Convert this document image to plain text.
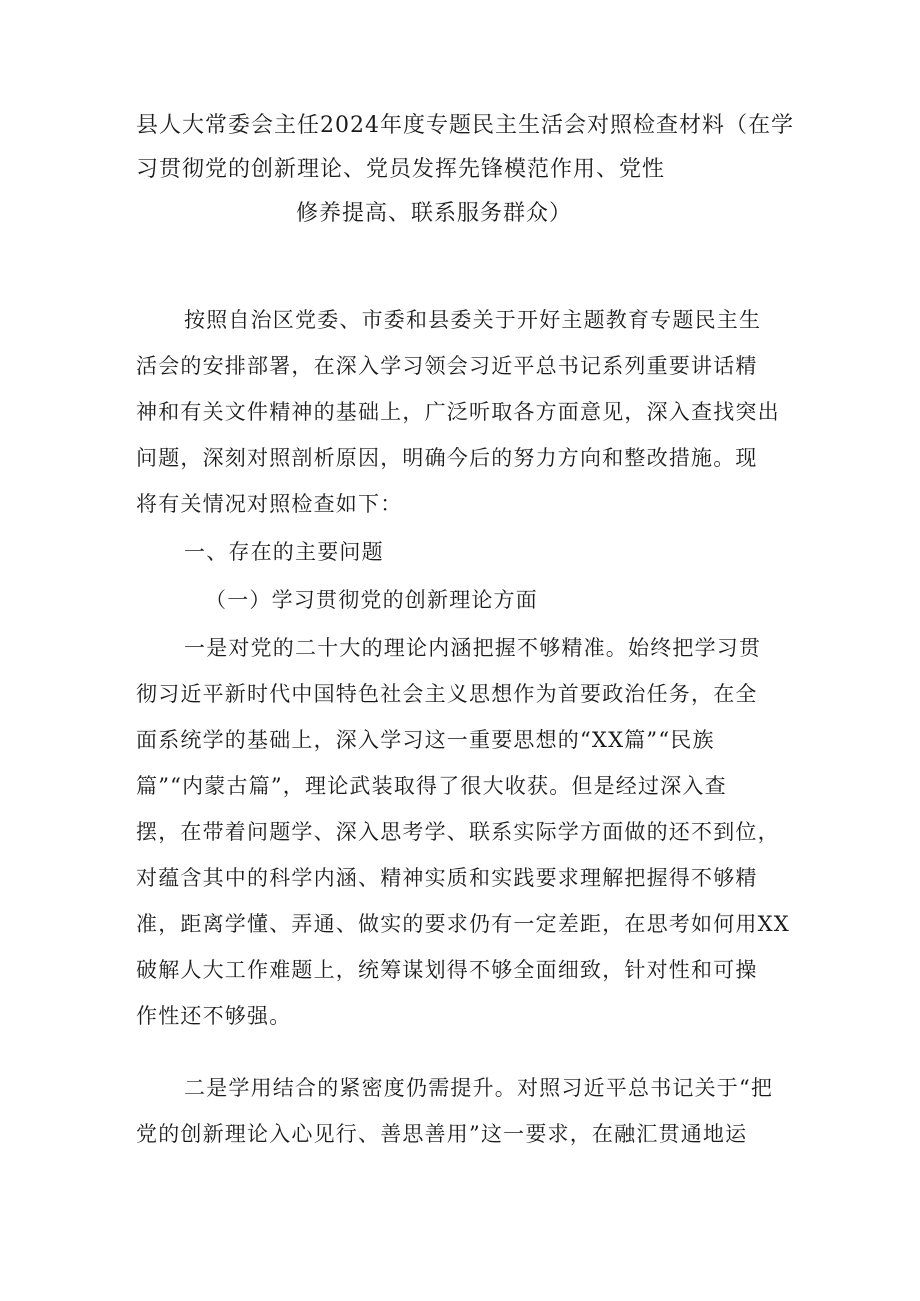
县人大常委会主任2024年度专题民主生活会对照检查材料（在学
习贯彻党的创新理论、党员发挥先锋模范作用、党性
修养提高、联系服务群众）

按照自治区党委、市委和县委关于开好主题教育专题民主生

活会的安排部署，在深入学习领会习近平总书记系列重要讲话精

神和有关文件精神的基础上，广泛听取各方面意见，深入查找突出

问题，深刻对照剖析原因，明确今后的努力方向和整改措施。现

将有关情况对照检查如下：

一、存在的主要问题

（一）学习贯彻党的创新理论方面

一是对党的二十大的理论内涵把握不够精准。始终把学习贯

彻习近平新时代中国特色社会主义思想作为首要政治任务，在全

面系统学的基础上，深入学习这一重要思想的“XX篇”“民族

篇”“内蒙古篇”，理论武装取得了很大收获。但是经过深入查

摆，在带着问题学、深入思考学、联系实际学方面做的还不到位，

对蕴含其中的科学内涵、精神实质和实践要求理解把握得不够精

准，距离学懂、弄通、做实的要求仍有一定差距，在思考如何用XX

破解人大工作难题上，统筹谋划得不够全面细致，针对性和可操

作性还不够强。

二是学用结合的紧密度仍需提升。对照习近平总书记关于“把

党的创新理论入心见行、善思善用”这一要求，在融汇贯通地运
